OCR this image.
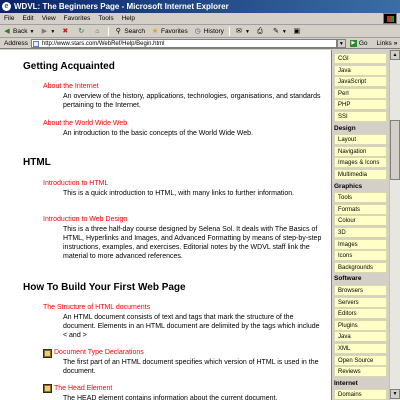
e WDVL: The Beginners Page - Microsoft Internet Explorer
File	Edit	View	Favorites	Tools	Help
◀ Back ▼ ▶ ▼ ✖ ↻ ⌂ ⚲ Search ★ Favorites ◷ History ✉ ▼ ⎙ ✎ ▼ ▣
Address	http://www.stars.com/WebRef/Help/Begin.html	▼	▶ Go	Links »
Getting Acquainted
About the Internet
An overview of the history, applications, technologies, organisations, and standards pertaining to the Internet.
About the World Wide Web
An introduction to the basic concepts of the World Wide Web.
HTML
Introduction to HTML
This is a quick introduction to HTML, with many links to further information.
Introduction to Web Design
This is a three half-day course designed by Selena Sol. It deals with The Basics of HTML, Hyperlinks and Images, and Advanced Formatting by means of step-by-step instructions, examples, and exercises. Editorial notes by the WDVL staff link the material to more advanced references.
How To Build Your First Web Page
The Structure of HTML documents
An HTML document consists of text and tags that mark the structure of the document. Elements in an HTML document are delimited by the tags which include < and >
Document Type Declarations
The first part of an HTML document specifies which version of HTML is used in the document.
The Head Element
The HEAD element contains information about the current document.
CGI
Java
JavaScript
Perl
PHP
SSI
Design
Layout
Navigation
Images & Icons
Multimedia
Graphics
Tools
Formats
Colour
3D
Images
Icons
Backgrounds
Software
Browsers
Servers
Editors
Plugins
Java
XML
Open Source
Reviews
Internet
Domains
▲
▼
